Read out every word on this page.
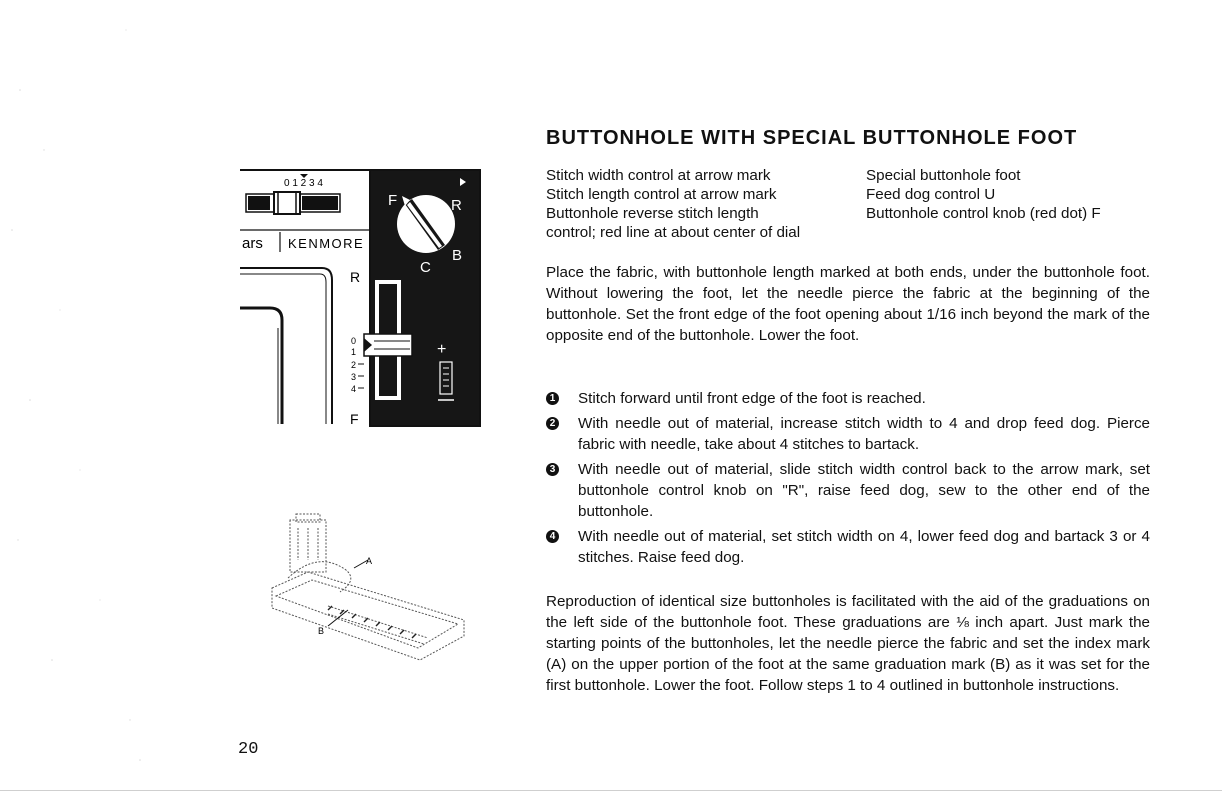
BUTTONHOLE WITH SPECIAL BUTTONHOLE FOOT
Stitch width control at arrow mark	Special buttonhole foot
Stitch length control at arrow mark	Feed dog control U
Buttonhole reverse stitch length	Buttonhole control knob (red dot) F
control; red line at about center of dial
Place the fabric, with buttonhole length marked at both ends, under the buttonhole foot. Without lowering the foot, let the needle pierce the fabric at the beginning of the buttonhole. Set the front edge of the foot opening about 1/16 inch beyond the mark of the opposite end of the buttonhole. Lower the foot.
1 Stitch forward until front edge of the foot is reached.
2 With needle out of material, increase stitch width to 4 and drop feed dog. Pierce fabric with needle, take about 4 stitches to bartack.
3 With needle out of material, slide stitch width control back to the arrow mark, set buttonhole control knob on "R", raise feed dog, sew to the other end of the buttonhole.
4 With needle out of material, set stitch width on 4, lower feed dog and bartack 3 or 4 stitches. Raise feed dog.
Reproduction of identical size buttonholes is facilitated with the aid of the graduations on the left side of the buttonhole foot. These graduations are ⅛ inch apart. Just mark the starting points of the buttonholes, let the needle pierce the fabric and set the index mark (A) on the upper portion of the foot at the same graduation mark (B) as it was set for the first buttonhole. Lower the foot. Follow steps 1 to 4 outlined in buttonhole instructions.
0 1 2 3 4
ars KENMORE
R
F
0
1
2
3
4
F	R
C
B
+
A
B
20
